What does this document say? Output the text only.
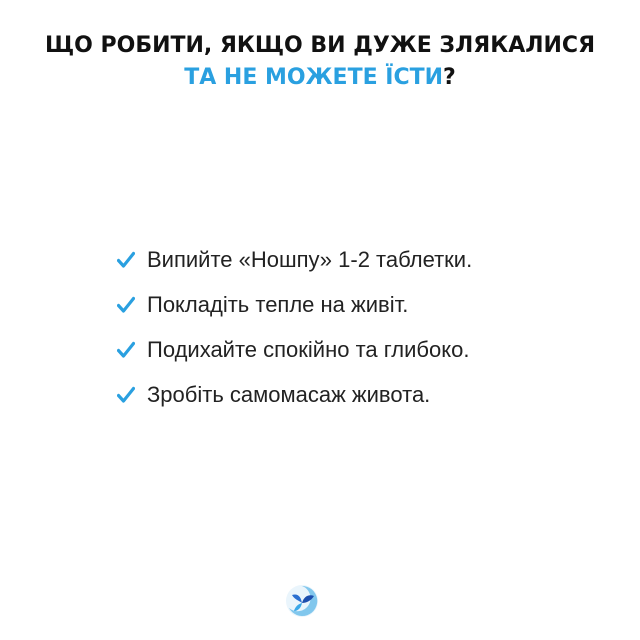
ЩО РОБИТИ, ЯКЩО ВИ ДУЖЕ ЗЛЯКАЛИСЯ
ТА НЕ МОЖЕТЕ ЇСТИ?
Випийте «Ношпу» 1-2 таблетки.
Покладіть тепле на живіт.
Подихайте спокійно та глибоко.
Зробіть самомасаж живота.
